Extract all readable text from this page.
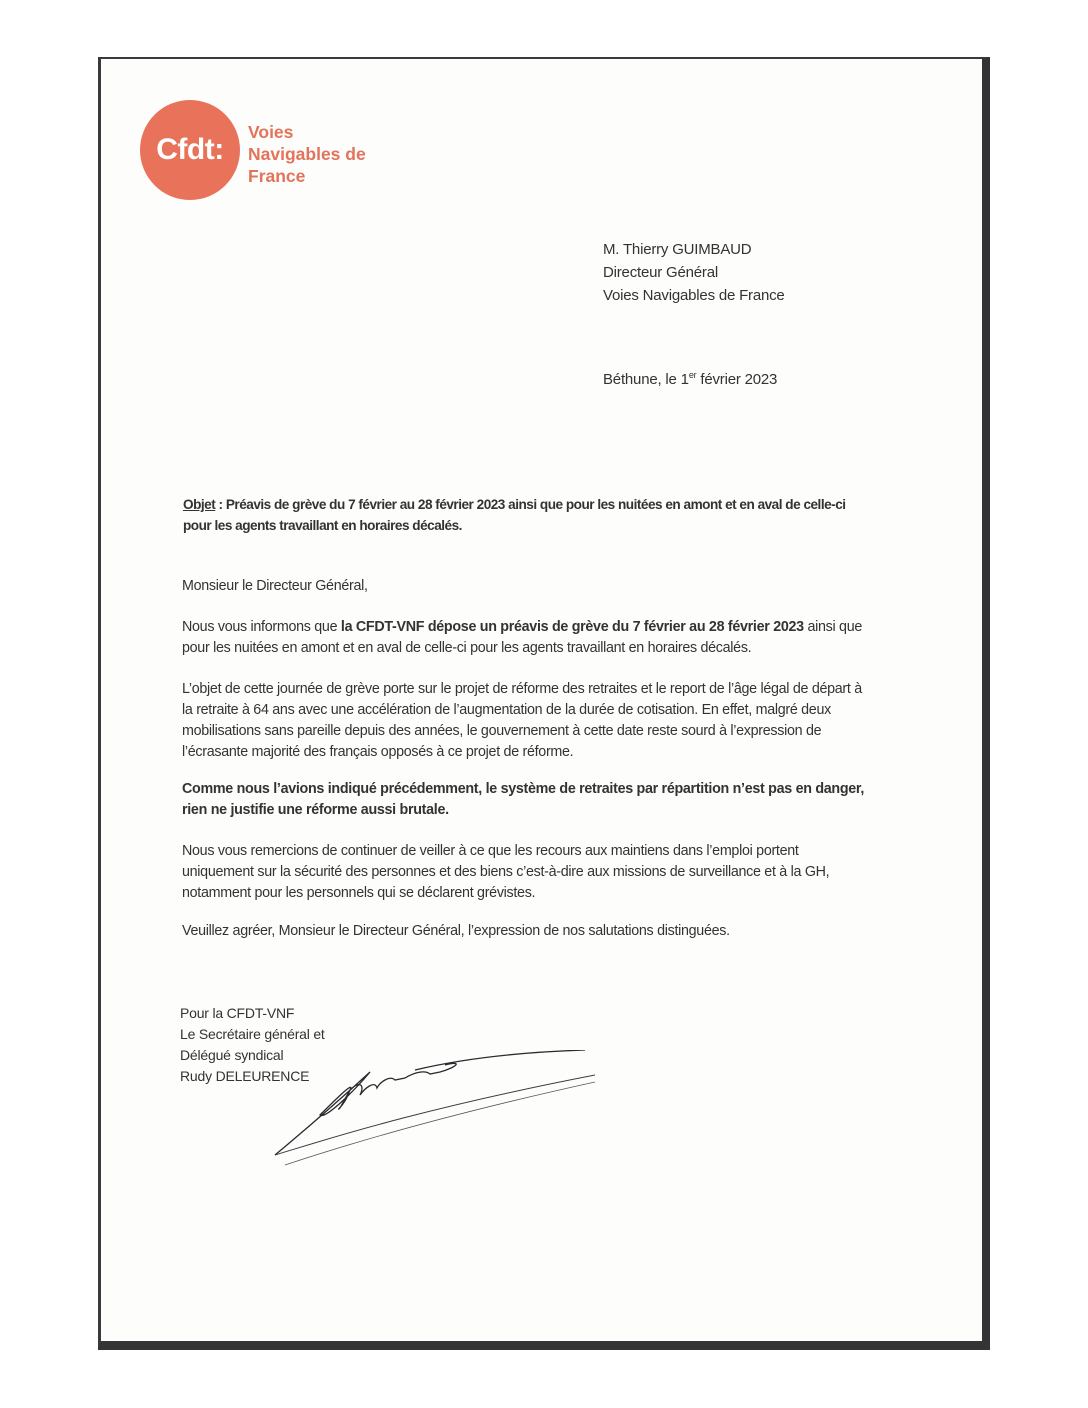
Cfdt:
Voies
Navigables de
France
M. Thierry GUIMBAUD
Directeur Général
Voies Navigables de France
Béthune, le 1er février 2023
Objet : Préavis de grève du 7 février au 28 février 2023 ainsi que pour les nuitées en amont et en aval de celle-ci pour les agents travaillant en horaires décalés.
Monsieur le Directeur Général,
Nous vous informons que la CFDT-VNF dépose un préavis de grève du 7 février au 28 février 2023 ainsi que pour les nuitées en amont et en aval de celle-ci pour les agents travaillant en horaires décalés.
L’objet de cette journée de grève porte sur le projet de réforme des retraites et le report de l’âge légal de départ à la retraite à 64 ans avec une accélération de l’augmentation de la durée de cotisation. En effet, malgré deux mobilisations sans pareille depuis des années, le gouvernement à cette date reste sourd à l’expression de l’écrasante majorité des français opposés à ce projet de réforme.
Comme nous l’avions indiqué précédemment, le système de retraites par répartition n’est pas en danger, rien ne justifie une réforme aussi brutale.
Nous vous remercions de continuer de veiller à ce que les recours aux maintiens dans l’emploi portent uniquement sur la sécurité des personnes et des biens c’est-à-dire aux missions de surveillance et à la GH, notamment pour les personnels qui se déclarent grévistes.
Veuillez agréer, Monsieur le Directeur Général, l’expression de nos salutations distinguées.
Pour la CFDT-VNF
Le Secrétaire général et
Délégué syndical
Rudy DELEURENCE
